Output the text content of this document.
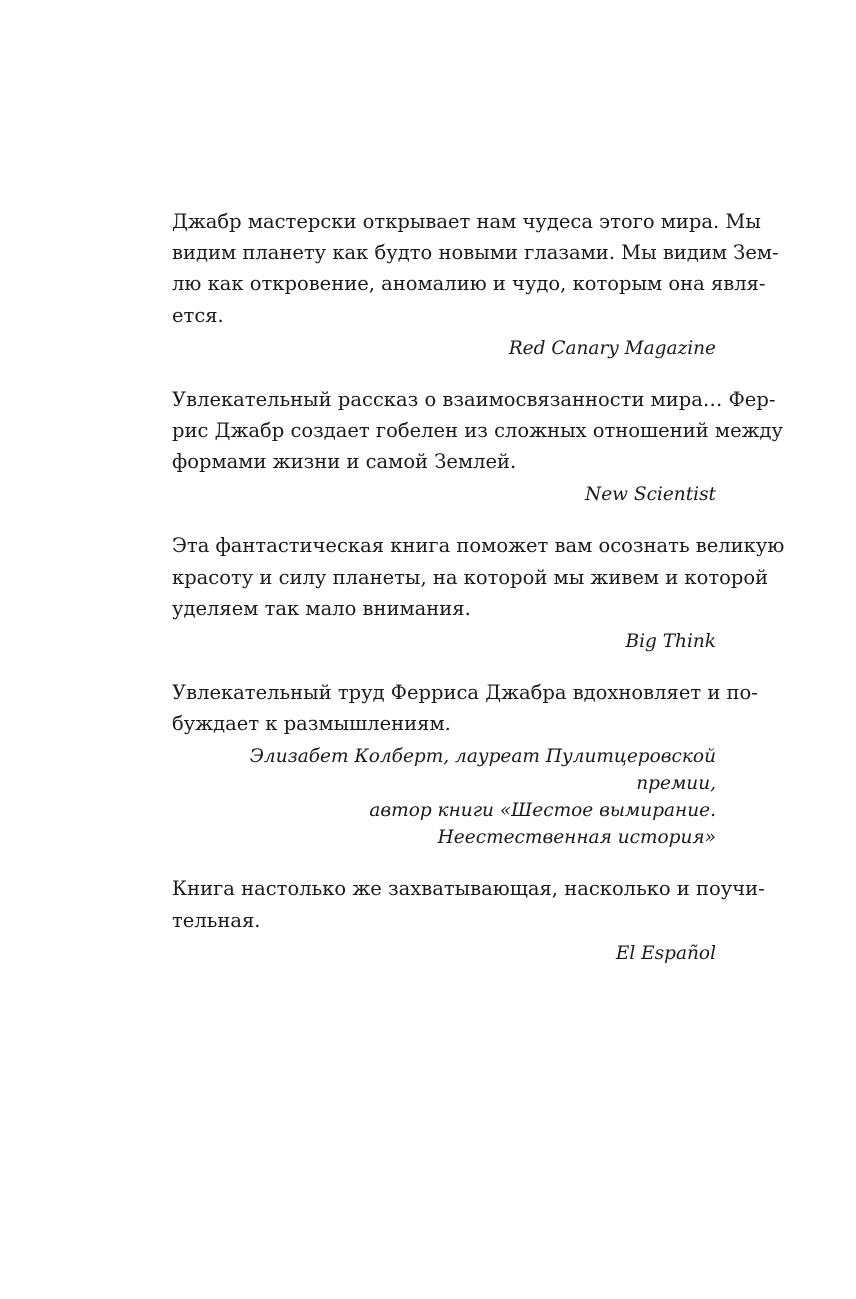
Джабр мастерски открывает нам чудеса этого мира. Мы
видим планету как будто новыми глазами. Мы видим Зем-
лю как откровение, аномалию и чудо, которым она явля-
ется.

Red Canary Magazine

Увлекательный рассказ о взаимосвязанности мира… Фер-
рис Джабр создает гобелен из сложных отношений между
формами жизни и самой Землей.

New Scientist

Эта фантастическая книга поможет вам осознать великую
красоту и силу планеты, на которой мы живем и которой
уделяем так мало внимания.

Big Think

Увлекательный труд Ферриса Джабра вдохновляет и по-
буждает к размышлениям.

Элизабет Колберт, лауреат Пулитцеровской премии,
автор книги «Шестое вымирание.
Неестественная история»

Книга настолько же захватывающая, насколько и поучи-
тельная.

El Español
